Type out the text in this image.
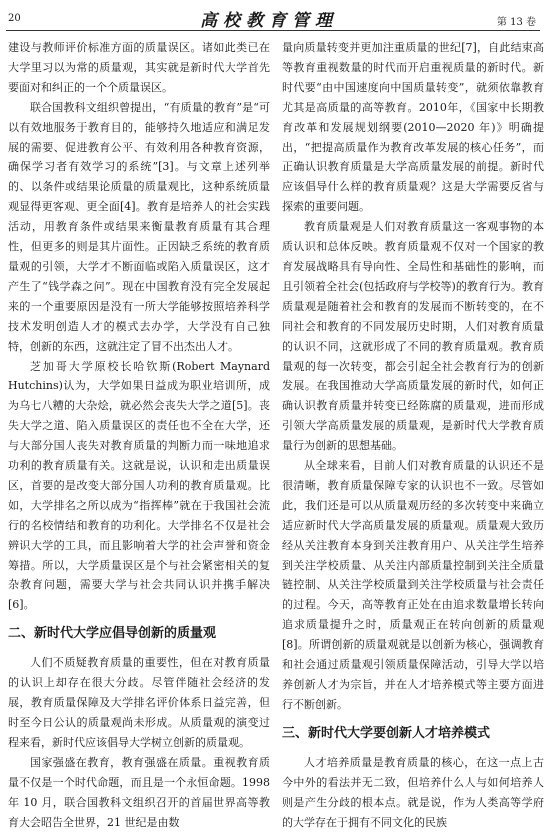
20	高校教育管理	第 13 卷

建设与教师评价标准方面的质量误区。诸如此类已在大学里习以为常的质量观，其实就是新时代大学首先要面对和纠正的一个个质量误区。

联合国教科文组织曾提出，“有质量的教育”是“可以有效地服务于教育目的，能够持久地适应和满足发展的需要、促进教育公平、有效利用各种教育资源，确保学习者有效学习的系统”[3]。与文章上述列举的、以条件或结果论质量的质量观比，这种系统质量观显得更客观、更全面[4]。教育是培养人的社会实践活动，用教育条件或结果来衡量教育质量有其合理性，但更多的则是其片面性。正因缺乏系统的教育质量观的引领，大学才不断面临或陷入质量误区，这才产生了“钱学森之问”。现在中国教育没有完全发展起来的一个重要原因是没有一所大学能够按照培养科学技术发明创造人才的模式去办学，大学没有自己独特，创新的东西，这就注定了冒不出杰出人才。

芝加哥大学原校长哈钦斯(Robert Maynard Hutchins)认为，大学如果日益成为职业培训所，成为乌七八糟的大杂烩，就必然会丧失大学之道[5]。丧失大学之道、陷入质量误区的责任也不全在大学，还与大部分国人丧失对教育质量的判断力而一味地追求功利的教育质量有关。这就是说，认识和走出质量误区，首要的是改变大部分国人功利的教育质量观。比如，大学排名之所以成为“指挥棒”就在于我国社会流行的名校情结和教育的功利化。大学排名不仅是社会辨识大学的工具，而且影响着大学的社会声誉和资金筹措。所以，大学质量误区是个与社会紧密相关的复杂教育问题，需要大学与社会共同认识并携手解决[6]。

二、新时代大学应倡导创新的质量观

人们不质疑教育质量的重要性，但在对教育质量的认识上却存在很大分歧。尽管伴随社会经济的发展，教育质量保障及大学排名评价体系日益完善，但时至今日公认的质量观尚未形成。从质量观的演变过程来看，新时代应该倡导大学树立创新的质量观。

国家强盛在教育，教育强盛在质量。重视教育质量不仅是一个时代命题，而且是一个永恒命题。1998 年 10 月，联合国教科文组织召开的首届世界高等教育大会昭告全世界，21 世纪是由数

量向质量转变并更加注重质量的世纪[7]，自此结束高等教育重视数量的时代而开启重视质量的新时代。新时代要“由中国速度向中国质量转变”，就须依靠教育尤其是高质量的高等教育。2010年，《国家中长期教育改革和发展规划纲要(2010—2020 年)》明确提出，“把提高质量作为教育改革发展的核心任务”，而正确认识教育质量是大学高质量发展的前提。新时代应该倡导什么样的教育质量观？这是大学需要反省与探索的重要问题。

教育质量观是人们对教育质量这一客观事物的本质认识和总体反映。教育质量观不仅对一个国家的教育发展战略具有导向性、全局性和基础性的影响，而且引领着全社会(包括政府与学校等)的教育行为。教育质量观是随着社会和教育的发展而不断转变的，在不同社会和教育的不同发展历史时期，人们对教育质量的认识不同，这就形成了不同的教育质量观。教育质量观的每一次转变，都会引起全社会教育行为的创新发展。在我国推动大学高质量发展的新时代，如何正确认识教育质量并转变已经陈腐的质量观，进而形成引领大学高质量发展的质量观，是新时代大学教育质量行为创新的思想基础。

从全球来看，目前人们对教育质量的认识还不是很清晰，教育质量保障专家的认识也不一致。尽管如此，我们还是可以从质量观历经的多次转变中来确立适应新时代大学高质量发展的质量观。质量观大致历经从关注教育本身到关注教育用户、从关注学生培养到关注学校质量、从关注内部质量控制到关注全质量链控制、从关注学校质量到关注学校质量与社会责任的过程。今天，高等教育正处在由追求数量增长转向追求质量提升之时，质量观正在转向创新的质量观[8]。所谓创新的质量观就是以创新为核心，强调教育和社会通过质量观引领质量保障活动，引导大学以培养创新人才为宗旨，并在人才培养模式等主要方面进行不断创新。

三、新时代大学要创新人才培养模式

人才培养质量是教育质量的核心，在这一点上古今中外的看法并无二致，但培养什么人与如何培养人则是产生分歧的根本点。就是说，作为人类高等学府的大学存在于拥有不同文化的民族
